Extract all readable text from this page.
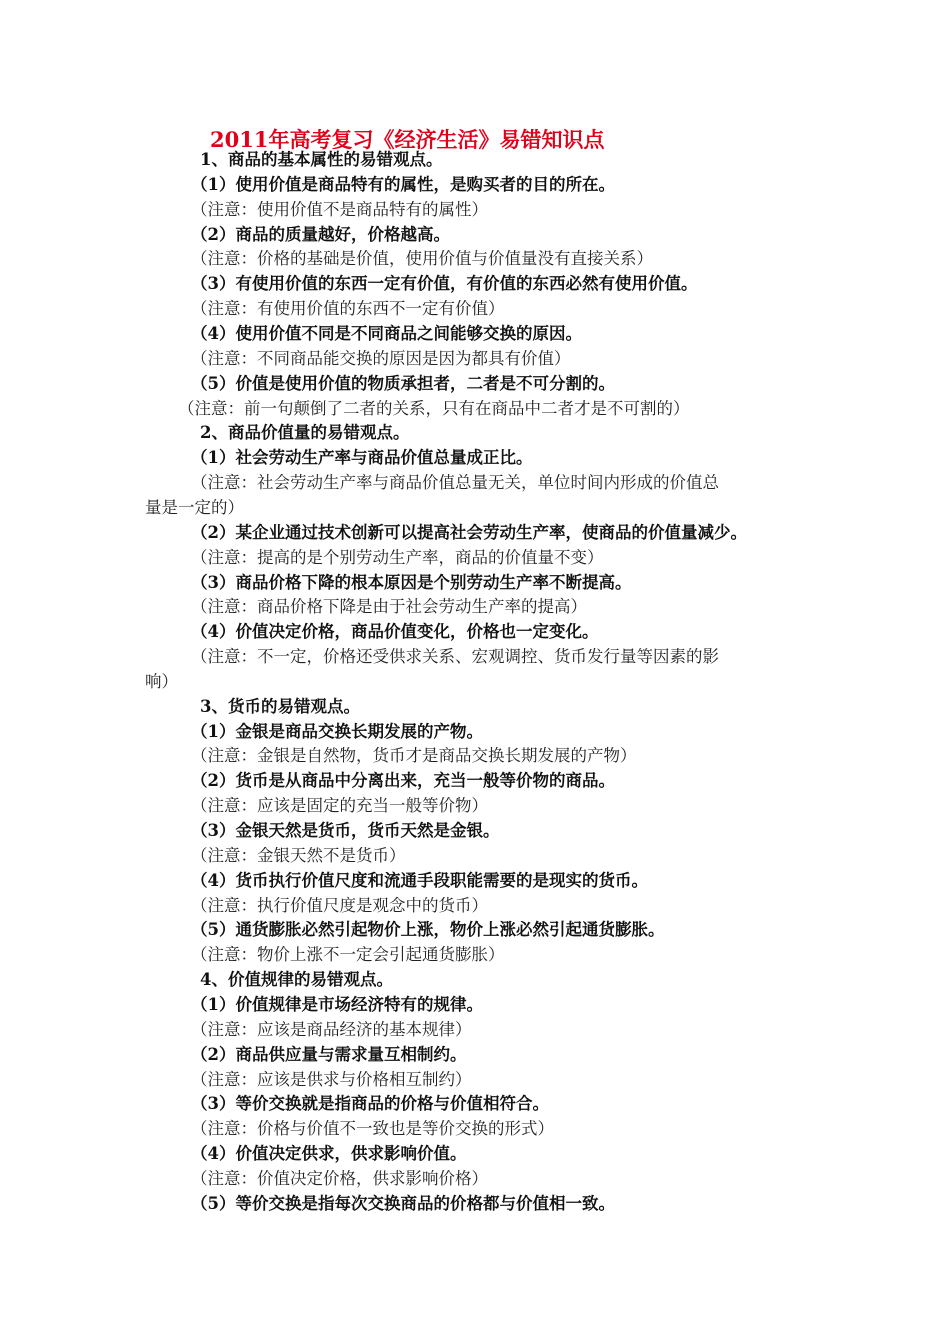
2011年高考复习《经济生活》易错知识点
1、商品的基本属性的易错观点。
（1）使用价值是商品特有的属性，是购买者的目的所在。
（注意：使用价值不是商品特有的属性）
（2）商品的质量越好，价格越高。
（注意：价格的基础是价值，使用价值与价值量没有直接关系）
（3）有使用价值的东西一定有价值，有价值的东西必然有使用价值。
（注意：有使用价值的东西不一定有价值）
（4）使用价值不同是不同商品之间能够交换的原因。
（注意：不同商品能交换的原因是因为都具有价值）
（5）价值是使用价值的物质承担者，二者是不可分割的。
（注意：前一句颠倒了二者的关系，只有在商品中二者才是不可割的）
2、商品价值量的易错观点。
（1）社会劳动生产率与商品价值总量成正比。
（注意：社会劳动生产率与商品价值总量无关，单位时间内形成的价值总
量是一定的）
（2）某企业通过技术创新可以提高社会劳动生产率，使商品的价值量减少。
（注意：提高的是个别劳动生产率，商品的价值量不变）
（3）商品价格下降的根本原因是个别劳动生产率不断提高。
（注意：商品价格下降是由于社会劳动生产率的提高）
（4）价值决定价格，商品价值变化，价格也一定变化。
（注意：不一定，价格还受供求关系、宏观调控、货币发行量等因素的影
响）
3、货币的易错观点。
（1）金银是商品交换长期发展的产物。
（注意：金银是自然物，货币才是商品交换长期发展的产物）
（2）货币是从商品中分离出来，充当一般等价物的商品。
（注意：应该是固定的充当一般等价物）
（3）金银天然是货币，货币天然是金银。
（注意：金银天然不是货币）
（4）货币执行价值尺度和流通手段职能需要的是现实的货币。
（注意：执行价值尺度是观念中的货币）
（5）通货膨胀必然引起物价上涨，物价上涨必然引起通货膨胀。
（注意：物价上涨不一定会引起通货膨胀）
4、价值规律的易错观点。
（1）价值规律是市场经济特有的规律。
（注意：应该是商品经济的基本规律）
（2）商品供应量与需求量互相制约。
（注意：应该是供求与价格相互制约）
（3）等价交换就是指商品的价格与价值相符合。
（注意：价格与价值不一致也是等价交换的形式）
（4）价值决定供求，供求影响价值。
（注意：价值决定价格，供求影响价格）
（5）等价交换是指每次交换商品的价格都与价值相一致。
